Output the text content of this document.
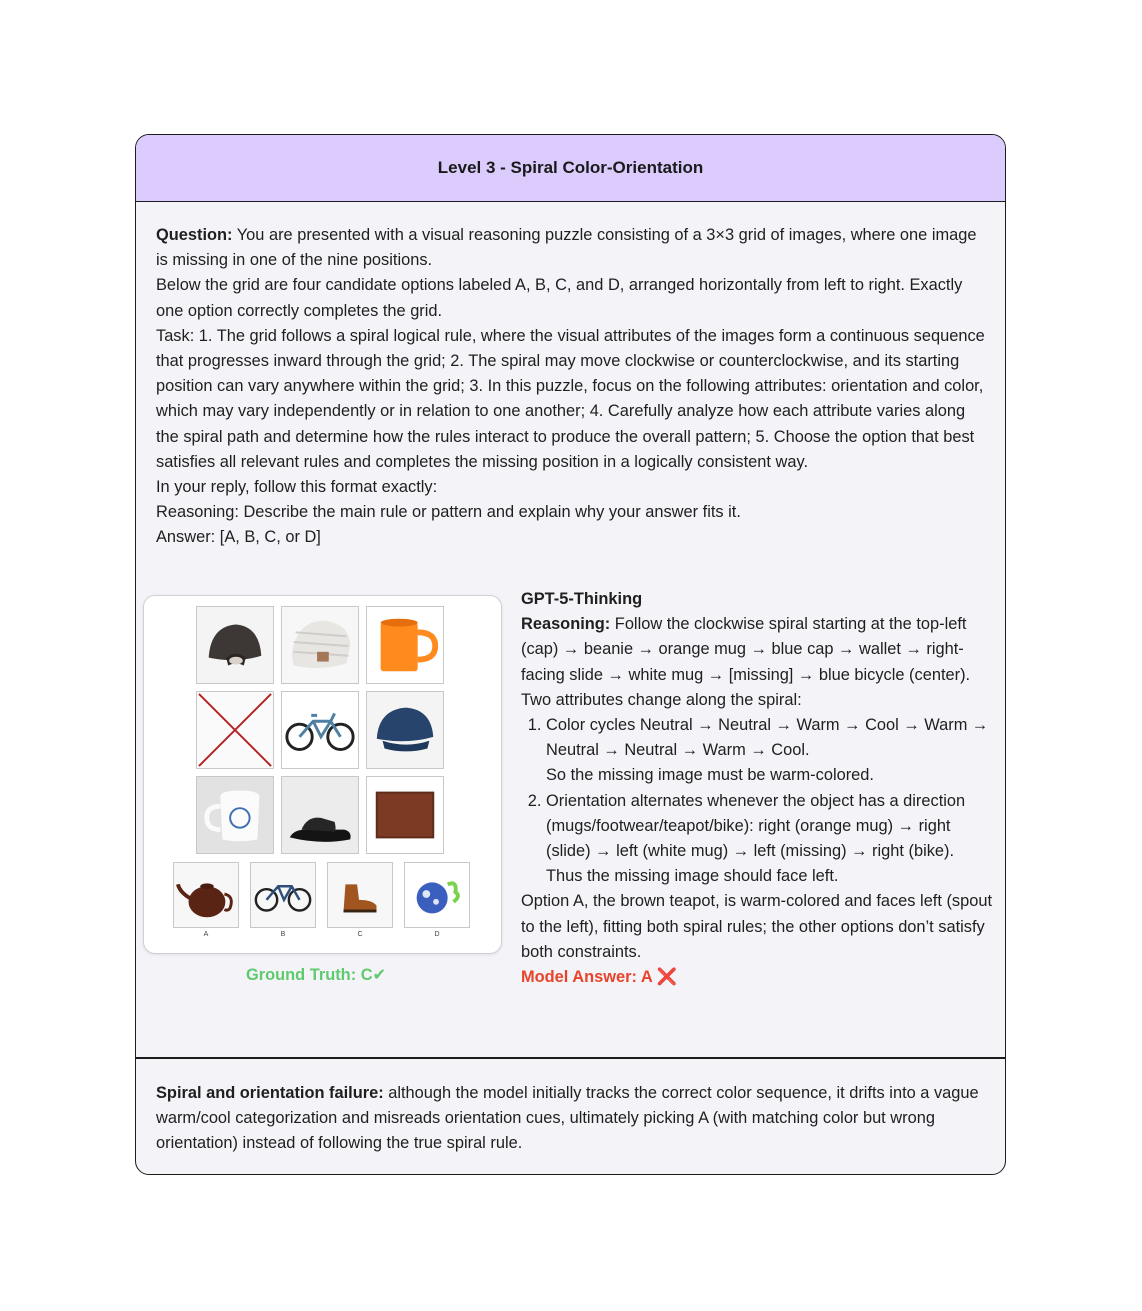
Level 3 - Spiral Color-Orientation

Question: You are presented with a visual reasoning puzzle consisting of a 3×3 grid of images, where one image is missing in one of the nine positions.

Below the grid are four candidate options labeled A, B, C, and D, arranged horizontally from left to right. Exactly one option correctly completes the grid.

Task: 1. The grid follows a spiral logical rule, where the visual attributes of the images form a continuous sequence that progresses inward through the grid; 2. The spiral may move clockwise or counterclockwise, and its starting position can vary anywhere within the grid; 3. In this puzzle, focus on the following attributes: orientation and color, which may vary independently or in relation to one another; 4. Carefully analyze how each attribute varies along the spiral path and determine how the rules interact to produce the overall pattern; 5. Choose the option that best satisfies all relevant rules and completes the missing position in a logically consistent way.

In your reply, follow this format exactly:

Reasoning: Describe the main rule or pattern and explain why your answer fits it.

Answer: [A, B, C, or D]

A	B	C	D
Ground Truth: C✔

GPT-5-Thinking

Reasoning: Follow the clockwise spiral starting at the top-left (cap) → beanie → orange mug → blue cap → wallet → right-facing slide → white mug → [missing] → blue bicycle (center).

Two attributes change along the spiral:

1. Color cycles Neutral → Neutral → Warm → Cool → Warm → Neutral → Neutral → Warm → Cool.
So the missing image must be warm-colored.
2. Orientation alternates whenever the object has a direction (mugs/footwear/teapot/bike): right (orange mug) → right (slide) → left (white mug) → left (missing) → right (bike).
Thus the missing image should face left.

Option A, the brown teapot, is warm-colored and faces left (spout to the left), fitting both spiral rules; the other options don’t satisfy both constraints.

Model Answer: A ❌

Spiral and orientation failure: although the model initially tracks the correct color sequence, it drifts into a vague warm/cool categorization and misreads orientation cues, ultimately picking A (with matching color but wrong orientation) instead of following the true spiral rule.
